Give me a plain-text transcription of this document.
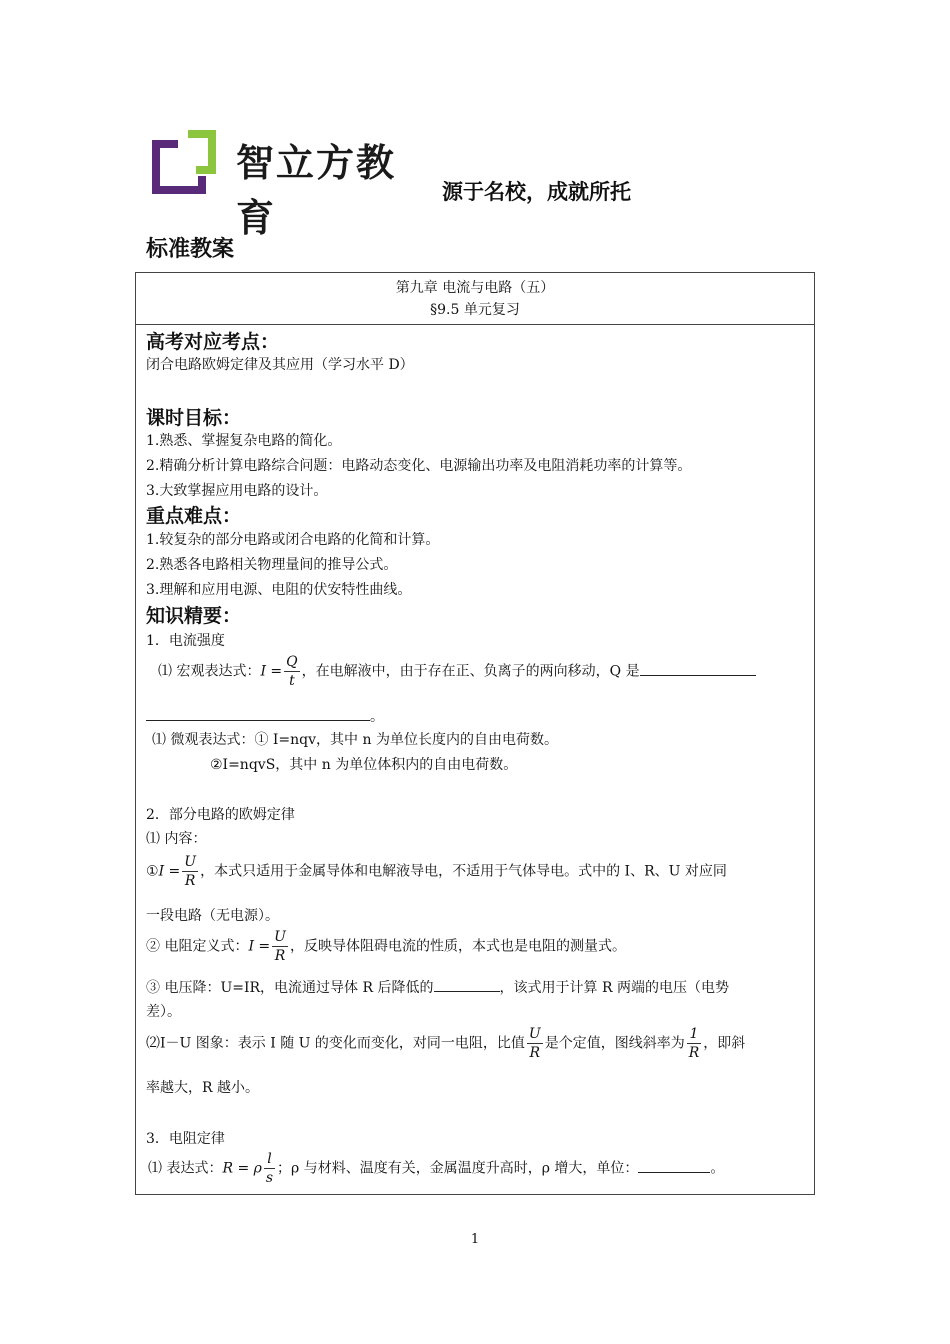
智立方教育
源于名校，成就所托
标准教案
第九章 电流与电路（五）
§9.5 单元复习
高考对应考点：
闭合电路欧姆定律及其应用（学习水平 D）
课时目标：
1.熟悉、掌握复杂电路的简化。
2.精确分析计算电路综合问题：电路动态变化、电源输出功率及电阻消耗功率的计算等。
3.大致掌握应用电路的设计。
重点难点：
1.较复杂的部分电路或闭合电路的化简和计算。
2.熟悉各电路相关物理量间的推导公式。
3.理解和应用电源、电阻的伏安特性曲线。
知识精要：
1．电流强度
⑴ 宏观表达式：$I = \frac{Q}{t}$ ，在电解液中，由于存在正、负离子的两向移动，Q 是
。
⑴ 微观表达式：① I=nqv，其中 n 为单位长度内的自由电荷数。
②I=nqvS，其中 n 为单位体积内的自由电荷数。
2．部分电路的欧姆定律
⑴ 内容：
①I = $\frac{U}{R}$ ，本式只适用于金属导体和电解液导电，不适用于气体导电。式中的 I、R、U 对应同
一段电路（无电源）。
② 电阻定义式：$I = \frac{U}{R}$ ，反映导体阻碍电流的性质，本式也是电阻的测量式。
③ 电压降：U=IR，电流通过导体 R 后降低的	，该式用于计算 R 两端的电压（电势
差）。
⑵I－U 图象：表示 I 随 U 的变化而变化，对同一电阻，比值 $\frac{U}{R}$ 是个定值，图线斜率为 $\frac{1}{R}$ ，即斜
率越大，R 越小。
3．电阻定律
⑴ 表达式：R = ρ $\frac{l}{s}$ ；ρ 与材料、温度有关，金属温度升高时，ρ 增大，单位：	。
1
